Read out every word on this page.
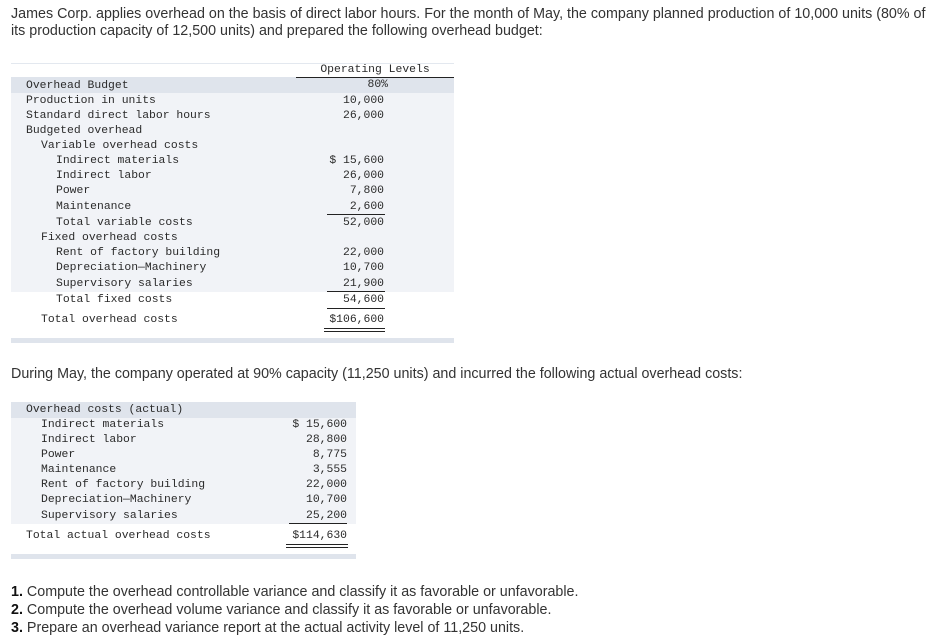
James Corp. applies overhead on the basis of direct labor hours. For the month of May, the company planned production of 10,000 units (80% of its production capacity of 12,500 units) and prepared the following overhead budget:

Operating Levels
80%
Overhead Budget
Production in units	10,000
Standard direct labor hours	26,000
Budgeted overhead
Variable overhead costs
Indirect materials	$ 15,600
Indirect labor	26,000
Power	7,800
Maintenance	2,600
Total variable costs	52,000
Fixed overhead costs
Rent of factory building	22,000
Depreciation—Machinery	10,700
Supervisory salaries	21,900
Total fixed costs	54,600
Total overhead costs	$106,600

During May, the company operated at 90% capacity (11,250 units) and incurred the following actual overhead costs:

Overhead costs (actual)
Indirect materials	$ 15,600
Indirect labor	28,800
Power	8,775
Maintenance	3,555
Rent of factory building	22,000
Depreciation—Machinery	10,700
Supervisory salaries	25,200
Total actual overhead costs	$114,630
1. Compute the overhead controllable variance and classify it as favorable or unfavorable.
2. Compute the overhead volume variance and classify it as favorable or unfavorable.
3. Prepare an overhead variance report at the actual activity level of 11,250 units.
